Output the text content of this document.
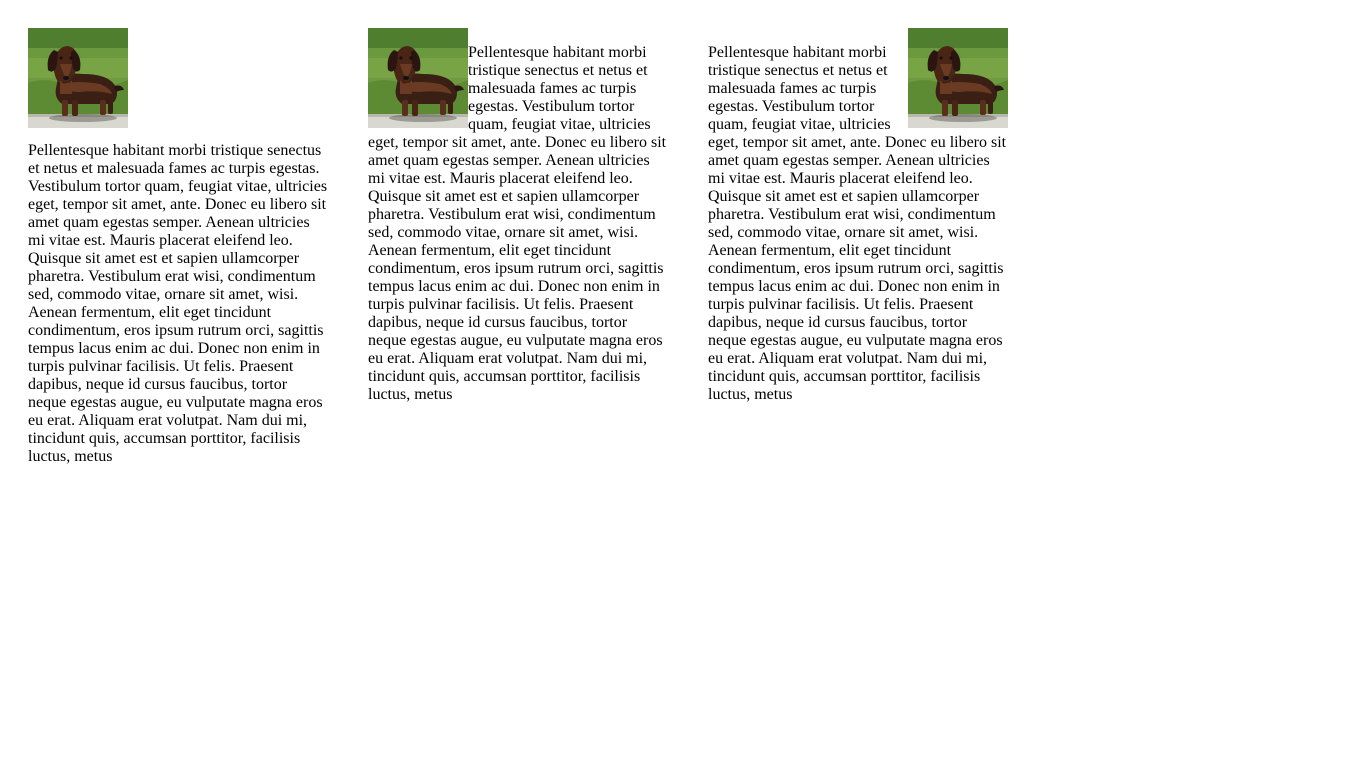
Pellentesque habitant morbi tristique senectus et netus et malesuada fames ac turpis egestas. Vestibulum tortor quam, feugiat vitae, ultricies eget, tempor sit amet, ante. Donec eu libero sit amet quam egestas semper. Aenean ultricies mi vitae est. Mauris placerat eleifend leo. Quisque sit amet est et sapien ullamcorper pharetra. Vestibulum erat wisi, condimentum sed, commodo vitae, ornare sit amet, wisi. Aenean fermentum, elit eget tincidunt condimentum, eros ipsum rutrum orci, sagittis tempus lacus enim ac dui. Donec non enim in turpis pulvinar facilisis. Ut felis. Praesent dapibus, neque id cursus faucibus, tortor neque egestas augue, eu vulputate magna eros eu erat. Aliquam erat volutpat. Nam dui mi, tincidunt quis, accumsan porttitor, facilisis luctus, metus

Pellentesque habitant morbi tristique senectus et netus et malesuada fames ac turpis egestas. Vestibulum tortor quam, feugiat vitae, ultricies eget, tempor sit amet, ante. Donec eu libero sit amet quam egestas semper. Aenean ultricies mi vitae est. Mauris placerat eleifend leo. Quisque sit amet est et sapien ullamcorper pharetra. Vestibulum erat wisi, condimentum sed, commodo vitae, ornare sit amet, wisi. Aenean fermentum, elit eget tincidunt condimentum, eros ipsum rutrum orci, sagittis tempus lacus enim ac dui. Donec non enim in turpis pulvinar facilisis. Ut felis. Praesent dapibus, neque id cursus faucibus, tortor neque egestas augue, eu vulputate magna eros eu erat. Aliquam erat volutpat. Nam dui mi, tincidunt quis, accumsan porttitor, facilisis luctus, metus

Pellentesque habitant morbi tristique senectus et netus et malesuada fames ac turpis egestas. Vestibulum tortor quam, feugiat vitae, ultricies eget, tempor sit amet, ante. Donec eu libero sit amet quam egestas semper. Aenean ultricies mi vitae est. Mauris placerat eleifend leo. Quisque sit amet est et sapien ullamcorper pharetra. Vestibulum erat wisi, condimentum sed, commodo vitae, ornare sit amet, wisi. Aenean fermentum, elit eget tincidunt condimentum, eros ipsum rutrum orci, sagittis tempus lacus enim ac dui. Donec non enim in turpis pulvinar facilisis. Ut felis. Praesent dapibus, neque id cursus faucibus, tortor neque egestas augue, eu vulputate magna eros eu erat. Aliquam erat volutpat. Nam dui mi, tincidunt quis, accumsan porttitor, facilisis luctus, metus
